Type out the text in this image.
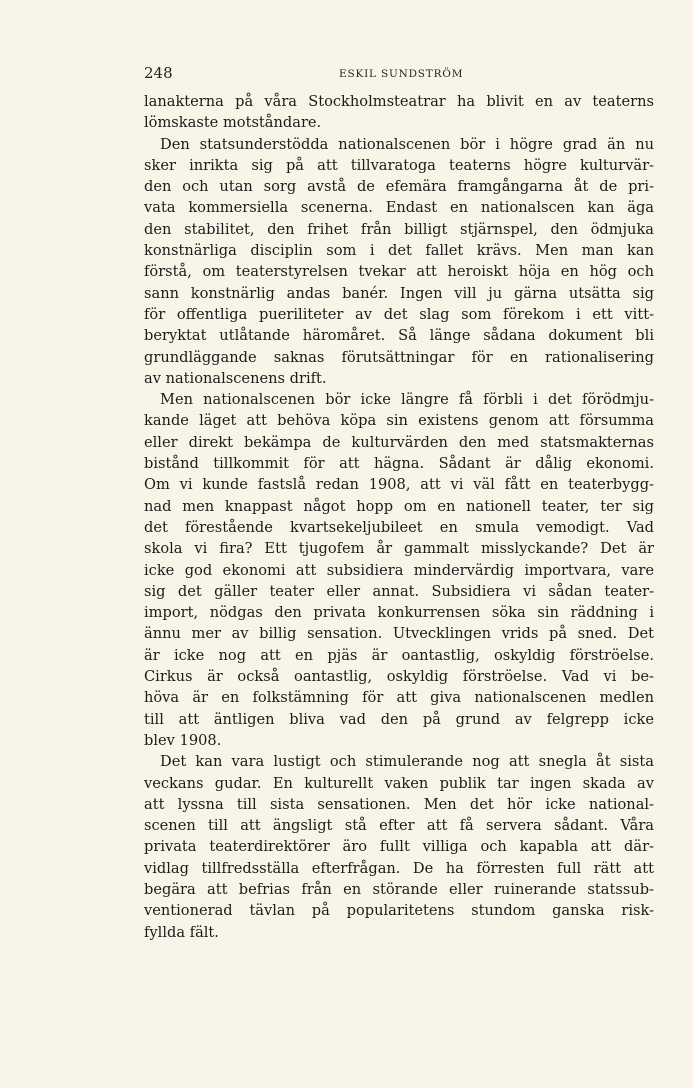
248	ESKIL SUNDSTRÖM
lanakterna på våra Stockholmsteatrar ha blivit en av teaterns
lömskaste motståndare.
Den statsunderstödda nationalscenen bör i högre grad än nu
sker inrikta sig på att tillvaratoga teaterns högre kulturvär-
den och utan sorg avstå de efemära framgångarna åt de pri-
vata kommersiella scenerna. Endast en nationalscen kan äga
den stabilitet, den frihet från billigt stjärnspel, den ödmjuka
konstnärliga disciplin som i det fallet krävs. Men man kan
förstå, om teaterstyrelsen tvekar att heroiskt höja en hög och
sann konstnärlig andas banér. Ingen vill ju gärna utsätta sig
för offentliga pueriliteter av det slag som förekom i ett vitt-
beryktat utlåtande häromåret. Så länge sådana dokument bli
grundläggande saknas förutsättningar för en rationalisering
av nationalscenens drift.
Men nationalscenen bör icke längre få förbli i det förödmju-
kande läget att behöva köpa sin existens genom att försumma
eller direkt bekämpa de kulturvärden den med statsmakternas
bistånd tillkommit för att hägna. Sådant är dålig ekonomi.
Om vi kunde fastslå redan 1908, att vi väl fått en teaterbygg-
nad men knappast något hopp om en nationell teater, ter sig
det förestående kvartsekeljubileet en smula vemodigt. Vad
skola vi fira? Ett tjugofem år gammalt misslyckande? Det är
icke god ekonomi att subsidiera mindervärdig importvara, vare
sig det gäller teater eller annat. Subsidiera vi sådan teater-
import, nödgas den privata konkurrensen söka sin räddning i
ännu mer av billig sensation. Utvecklingen vrids på sned. Det
är icke nog att en pjäs är oantastlig, oskyldig förströelse.
Cirkus är också oantastlig, oskyldig förströelse. Vad vi be-
höva är en folkstämning för att giva nationalscenen medlen
till att äntligen bliva vad den på grund av felgrepp icke
blev 1908.
Det kan vara lustigt och stimulerande nog att snegla åt sista
veckans gudar. En kulturellt vaken publik tar ingen skada av
att lyssna till sista sensationen. Men det hör icke national-
scenen till att ängsligt stå efter att få servera sådant. Våra
privata teaterdirektörer äro fullt villiga och kapabla att där-
vidlag tillfredsställa efterfrågan. De ha förresten full rätt att
begära att befrias från en störande eller ruinerande statssub-
ventionerad tävlan på popularitetens stundom ganska risk-
fyllda fält.
